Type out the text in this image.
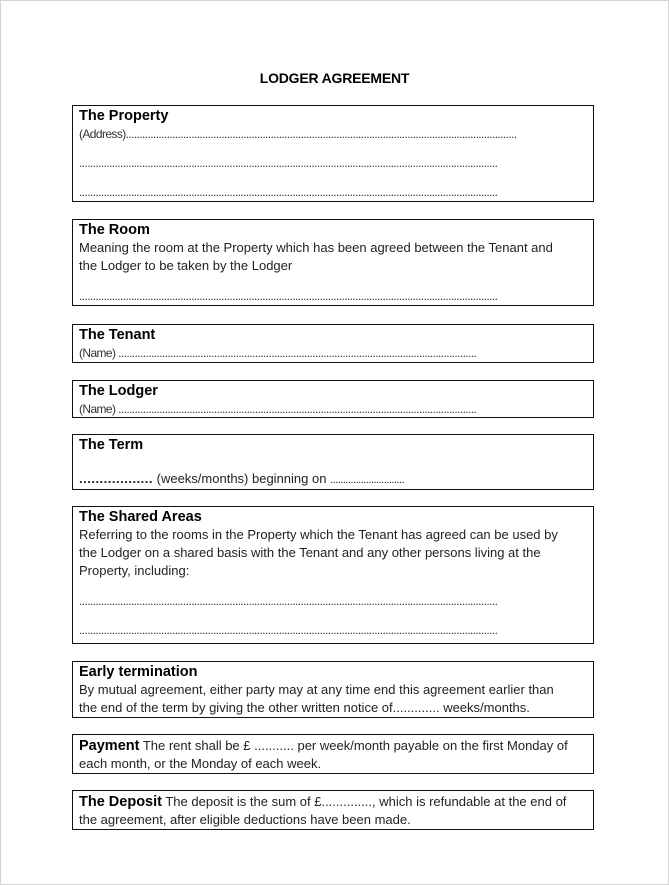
LODGER AGREEMENT
The Property
(Address)...............................................................................................................................................
.........................................................................................................................................................
.........................................................................................................................................................
The Room
Meaning the room at the Property which has been agreed between the Tenant and
the Lodger to be taken by the Lodger
.........................................................................................................................................................
The Tenant
(Name) ...................................................................................................................................
The Lodger
(Name) ...................................................................................................................................
The Term
.................. (weeks/months) beginning on .............................
The Shared Areas
Referring to the rooms in the Property which the Tenant has agreed can be used by
the Lodger on a shared basis with the Tenant and any other persons living at the
Property, including:
.........................................................................................................................................................
.........................................................................................................................................................
Early termination
By mutual agreement, either party may at any time end this agreement earlier than
the end of the term by giving the other written notice of............. weeks/months.
Payment The rent shall be £ ........... per week/month payable on the first Monday of
each month, or the Monday of each week.
The Deposit The deposit is the sum of £.............., which is refundable at the end of
the agreement, after eligible deductions have been made.
